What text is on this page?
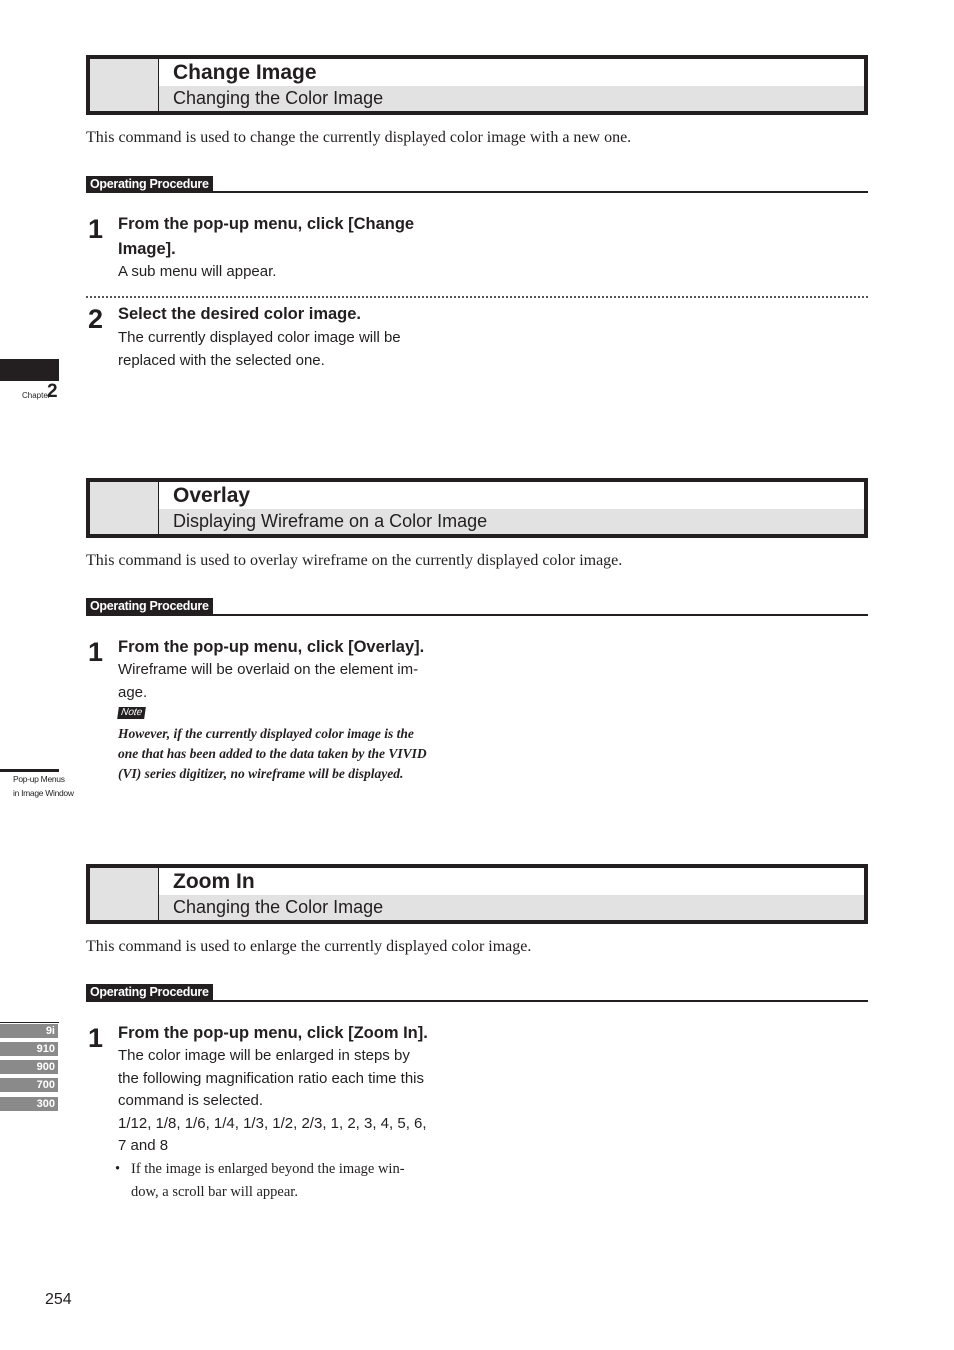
Chapter
2
Pop-up Menus
in Image Window
9i
910
900
700
300
Change Image
Changing the Color Image
This command is used to change the currently displayed color image with a new one.
Operating Procedure
1 From the pop-up menu, click [Change
Image].
A sub menu will appear.
2 Select the desired color image.
The currently displayed color image will be
replaced with the selected one.
Overlay
Displaying Wireframe on a Color Image
This command is used to overlay wireframe on the currently displayed color image.
Operating Procedure
1 From the pop-up menu, click [Overlay].
Wireframe will be overlaid on the element im-
age.
Note
However, if the currently displayed color image is the
one that has been added to the data taken by the VIVID
(VI) series digitizer, no wireframe will be displayed.
Zoom In
Changing the Color Image
This command is used to enlarge the currently displayed color image.
Operating Procedure
1 From the pop-up menu, click [Zoom In].
The color image will be enlarged in steps by
the following magnification ratio each time this
command is selected.
1/12, 1/8, 1/6, 1/4, 1/3, 1/2, 2/3, 1, 2, 3, 4, 5, 6,
7 and 8
• If the image is enlarged beyond the image win-
dow, a scroll bar will appear.
254
